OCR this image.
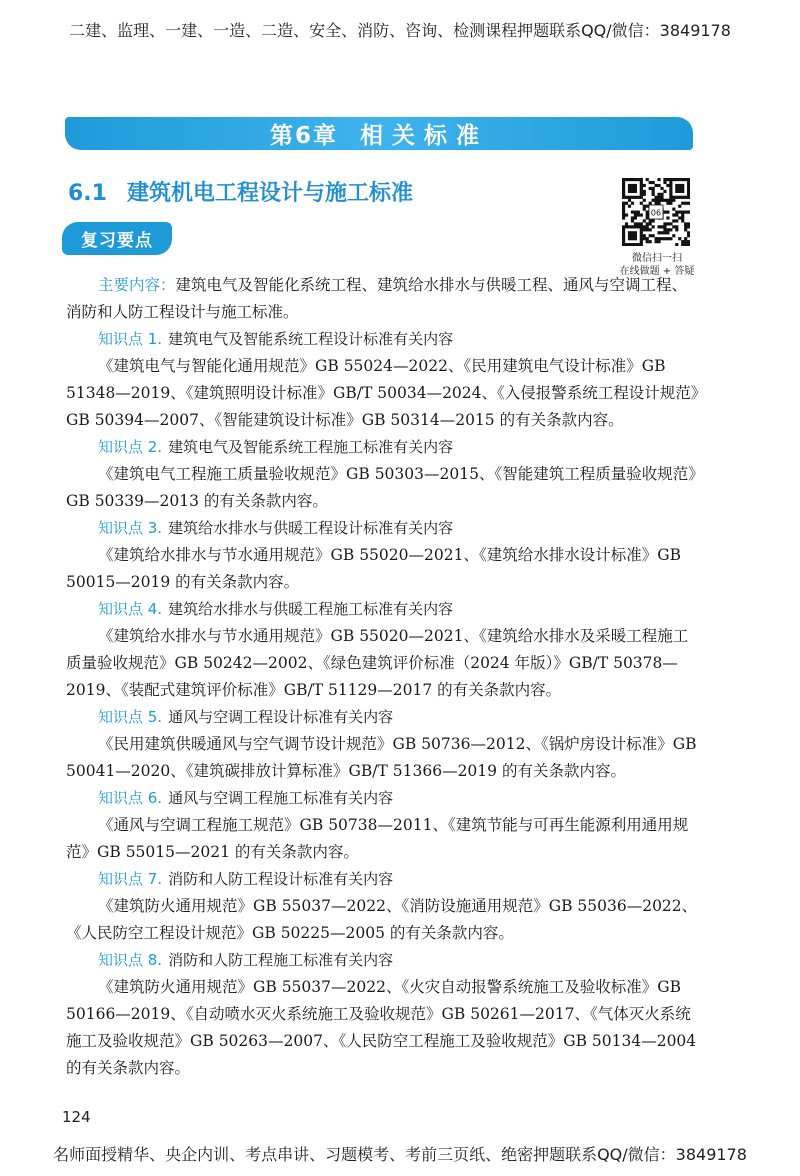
二建、监理、一建、一造、二造、安全、消防、咨询、检测课程押题联系QQ/微信：3849178
第6章 相关标准
6.1 建筑机电工程设计与施工标准
复习要点
06
微信扫一扫
在线做题 + 答疑

主要内容：建筑电气及智能化系统工程、建筑给水排水与供暖工程、通风与空调工程、消防和人防工程设计与施工标准。

知识点 1. 建筑电气及智能系统工程设计标准有关内容

《建筑电气与智能化通用规范》GB 55024—2022、《民用建筑电气设计标准》GB 51348—2019、《建筑照明设计标准》GB/T 50034—2024、《入侵报警系统工程设计规范》GB 50394—2007、《智能建筑设计标准》GB 50314—2015 的有关条款内容。

知识点 2. 建筑电气及智能系统工程施工标准有关内容

《建筑电气工程施工质量验收规范》GB 50303—2015、《智能建筑工程质量验收规范》GB 50339—2013 的有关条款内容。

知识点 3. 建筑给水排水与供暖工程设计标准有关内容

《建筑给水排水与节水通用规范》GB 55020—2021、《建筑给水排水设计标准》GB 50015—2019 的有关条款内容。

知识点 4. 建筑给水排水与供暖工程施工标准有关内容

《建筑给水排水与节水通用规范》GB 55020—2021、《建筑给水排水及采暖工程施工质量验收规范》GB 50242—2002、《绿色建筑评价标准（2024 年版）》GB/T 50378—2019、《装配式建筑评价标准》GB/T 51129—2017 的有关条款内容。

知识点 5. 通风与空调工程设计标准有关内容

《民用建筑供暖通风与空气调节设计规范》GB 50736—2012、《锅炉房设计标准》GB 50041—2020、《建筑碳排放计算标准》GB/T 51366—2019 的有关条款内容。

知识点 6. 通风与空调工程施工标准有关内容

《通风与空调工程施工规范》GB 50738—2011、《建筑节能与可再生能源利用通用规范》GB 55015—2021 的有关条款内容。

知识点 7. 消防和人防工程设计标准有关内容

《建筑防火通用规范》GB 55037—2022、《消防设施通用规范》GB 55036—2022、《人民防空工程设计规范》GB 50225—2005 的有关条款内容。

知识点 8. 消防和人防工程施工标准有关内容

《建筑防火通用规范》GB 55037—2022、《火灾自动报警系统施工及验收标准》GB 50166—2019、《自动喷水灭火系统施工及验收规范》GB 50261—2017、《气体灭火系统施工及验收规范》GB 50263—2007、《人民防空工程施工及验收规范》GB 50134—2004 的有关条款内容。

124
名师面授精华、央企内训、考点串讲、习题模考、考前三页纸、绝密押题联系QQ/微信：3849178
